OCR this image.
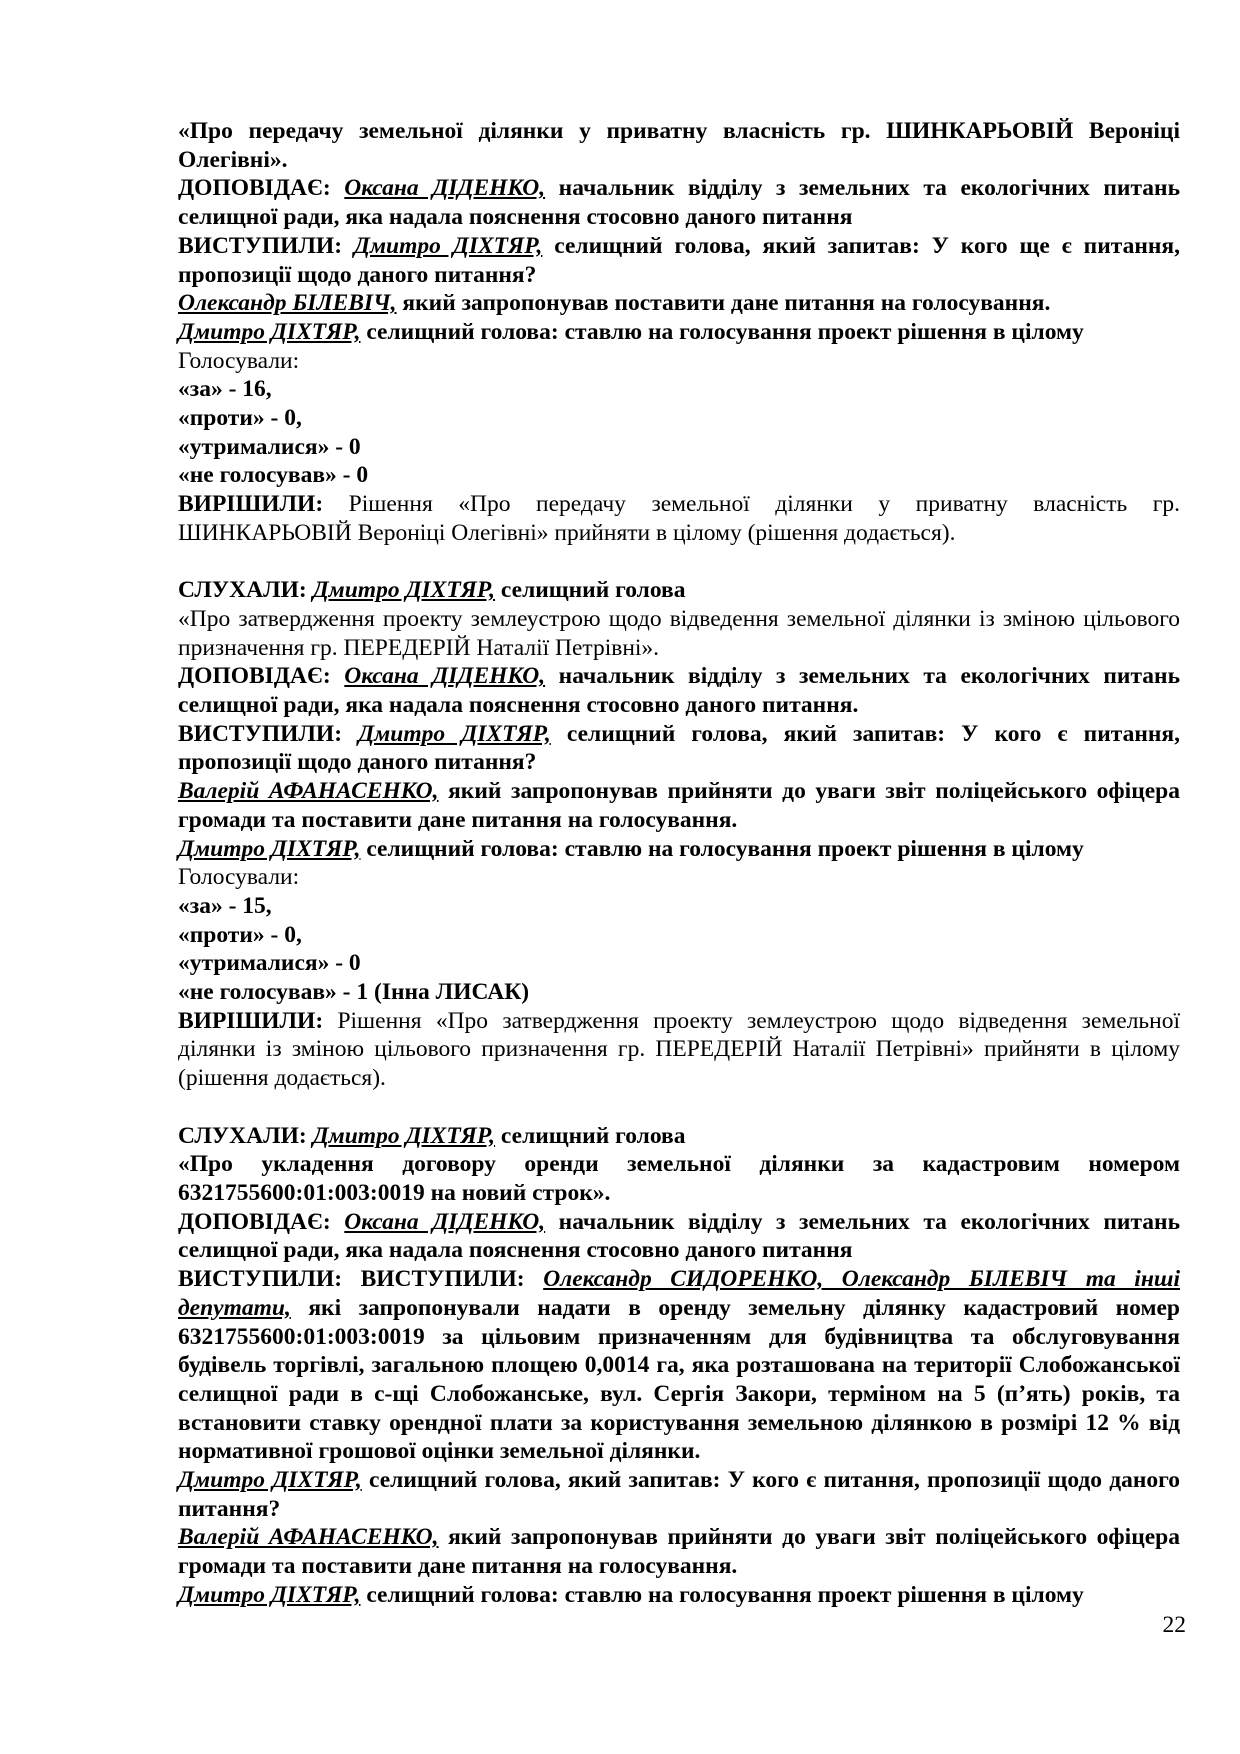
«Про передачу земельної ділянки у приватну власність гр. ШИНКАРЬОВІЙ Вероніці Олегівні».

ДОПОВІДАЄ: Оксана ДІДЕНКО, начальник відділу з земельних та екологічних питань селищної ради, яка надала пояснення стосовно даного питання

ВИСТУПИЛИ: Дмитро ДІХТЯР, селищний голова, який запитав: У кого ще є питання, пропозиції щодо даного питання?

Олександр БІЛЕВІЧ, який запропонував поставити дане питання на голосування.

Дмитро ДІХТЯР, селищний голова: ставлю на голосування проект рішення в цілому

Голосували:

«за» - 16,

«проти» - 0,

«утрималися» - 0

«не голосував» - 0

ВИРІШИЛИ: Рішення «Про передачу земельної ділянки у приватну власність гр. ШИНКАРЬОВІЙ Вероніці Олегівні» прийняти в цілому (рішення додається).

СЛУХАЛИ: Дмитро ДІХТЯР, селищний голова

«Про затвердження проекту землеустрою щодо відведення земельної ділянки із зміною цільового призначення гр. ПЕРЕДЕРІЙ Наталії Петрівні».

ДОПОВІДАЄ: Оксана ДІДЕНКО, начальник відділу з земельних та екологічних питань селищної ради, яка надала пояснення стосовно даного питання.

ВИСТУПИЛИ: Дмитро ДІХТЯР, селищний голова, який запитав: У кого є питання, пропозиції щодо даного питання?

Валерій АФАНАСЕНКО, який запропонував прийняти до уваги звіт поліцейського офіцера громади та поставити дане питання на голосування.

Дмитро ДІХТЯР, селищний голова: ставлю на голосування проект рішення в цілому

Голосували:

«за» - 15,

«проти» - 0,

«утрималися» - 0

«не голосував» - 1 (Інна ЛИСАК)

ВИРІШИЛИ: Рішення «Про затвердження проекту землеустрою щодо відведення земельної ділянки із зміною цільового призначення гр. ПЕРЕДЕРІЙ Наталії Петрівні» прийняти в цілому (рішення додається).

СЛУХАЛИ: Дмитро ДІХТЯР, селищний голова

«Про укладення договору оренди земельної ділянки за кадастровим номером 6321755600:01:003:0019 на новий строк».

ДОПОВІДАЄ: Оксана ДІДЕНКО, начальник відділу з земельних та екологічних питань селищної ради, яка надала пояснення стосовно даного питання

ВИСТУПИЛИ: ВИСТУПИЛИ: Олександр СИДОРЕНКО, Олександр БІЛЕВІЧ та інші депутати, які запропонували надати в оренду земельну ділянку кадастровий номер 6321755600:01:003:0019 за цільовим призначенням для будівництва та обслуговування будівель торгівлі, загальною площею 0,0014 га, яка розташована на території Слобожанської селищної ради в с-щі Слобожанське, вул. Сергія Закори, терміном на 5 (п’ять) років, та встановити ставку орендної плати за користування земельною ділянкою в розмірі 12 % від нормативної грошової оцінки земельної ділянки.

Дмитро ДІХТЯР, селищний голова, який запитав: У кого є питання, пропозиції щодо даного питання?

Валерій АФАНАСЕНКО, який запропонував прийняти до уваги звіт поліцейського офіцера громади та поставити дане питання на голосування.

Дмитро ДІХТЯР, селищний голова: ставлю на голосування проект рішення в цілому

22
